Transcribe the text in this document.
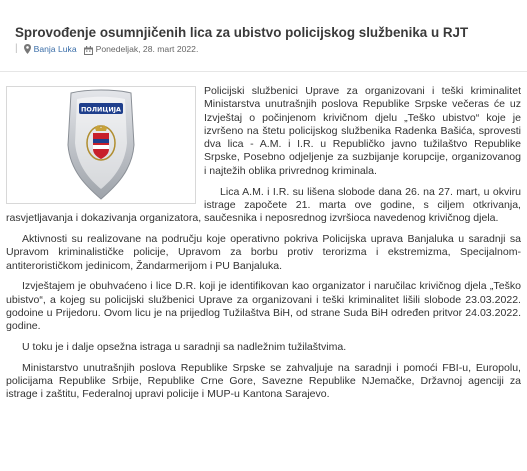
Sprovođenje osumnjičenih lica za ubistvo policijskog službenika u RJT
| Banja Luka Ponedeljak, 28. mart 2022.
ПОЛИЦИЈА

Policijski službenici Uprave za organizovani i teški kriminalitet Ministarstva unutrašnjih poslova Republike Srpske večeras će uz Izvještaj o počinjenom krivičnom djelu „Teško ubistvo“ koje je izvršeno na štetu policijskog službenika Radenka Bašića, sprovesti dva lica - A.M. i I.R. u Republičko javno tužilaštvo Republike Srpske, Posebno odjeljenje za suzbijanje korupcije, organizovanog i najtežih oblika privrednog kriminala.

Lica A.M. i I.R. su lišena slobode dana 26. na 27. mart, u okviru istrage započete 21. marta ove godine, s ciljem otkrivanja, rasvjetljavanja i dokazivanja organizatora, saučesnika i neposrednog izvršioca navedenog krivičnog djela.

Aktivnosti su realizovane na području koje operativno pokriva Policijska uprava Banjaluka u saradnji sa Upravom kriminalističke policije, Upravom za borbu protiv terorizma i ekstremizma, Specijalnom-antiterorističkom jedinicom, Žandarmerijom i PU Banjaluka.

Izvještajem je obuhvaćeno i lice D.R. koji je identifikovan kao organizator i naručilac krivičnog djela „Teško ubistvo“, a kojeg su policijski službenici Uprave za organizovani i teški kriminalitet lišili slobode 23.03.2022. godoine u Prijedoru. Ovom licu je na prijedlog Tužilaštva BiH, od strane Suda BiH određen pritvor 24.03.2022. godine.

U toku je i dalje opsežna istraga u saradnji sa nadležnim tužilaštvima.

Ministarstvo unutrašnjih poslova Republike Srpske se zahvaljuje na saradnji i pomoći FBI-u, Europolu, policijama Republike Srbije, Republike Crne Gore, Savezne Republike NJemačke, Državnoj agenciji za istrage i zaštitu, Federalnoj upravi policije i MUP-u Kantona Sarajevo.
